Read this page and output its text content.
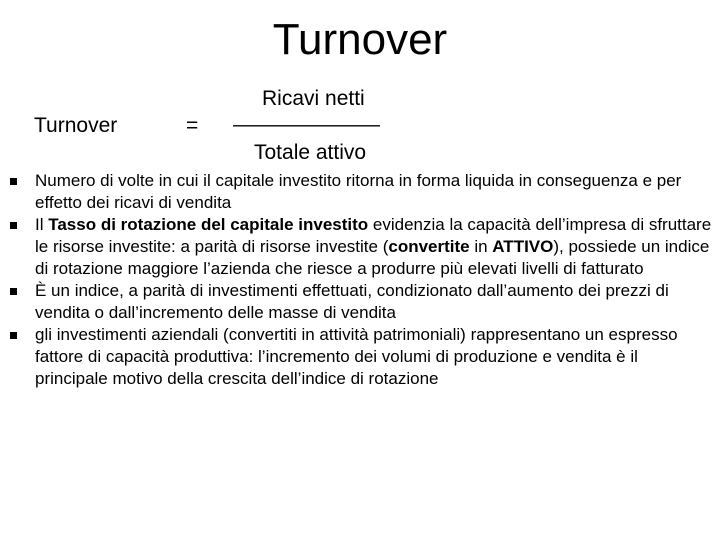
Turnover
Turnover	=
Ricavi netti
———————
Totale attivo
Numero di volte in cui il capitale investito ritorna in forma liquida in conseguenza e per effetto dei ricavi di vendita
Il Tasso di rotazione del capitale investito evidenzia la capacità dell’impresa di sfruttare le risorse investite: a parità di risorse investite (convertite in ATTIVO), possiede un indice di rotazione maggiore l’azienda che riesce a produrre più elevati livelli di fatturato
È un indice, a parità di investimenti effettuati, condizionato dall’aumento dei prezzi di vendita o dall’incremento delle masse di vendita
gli investimenti aziendali (convertiti in attività patrimoniali) rappresentano un espresso fattore di capacità produttiva: l’incremento dei volumi di produzione e vendita è il principale motivo della crescita dell’indice di rotazione
